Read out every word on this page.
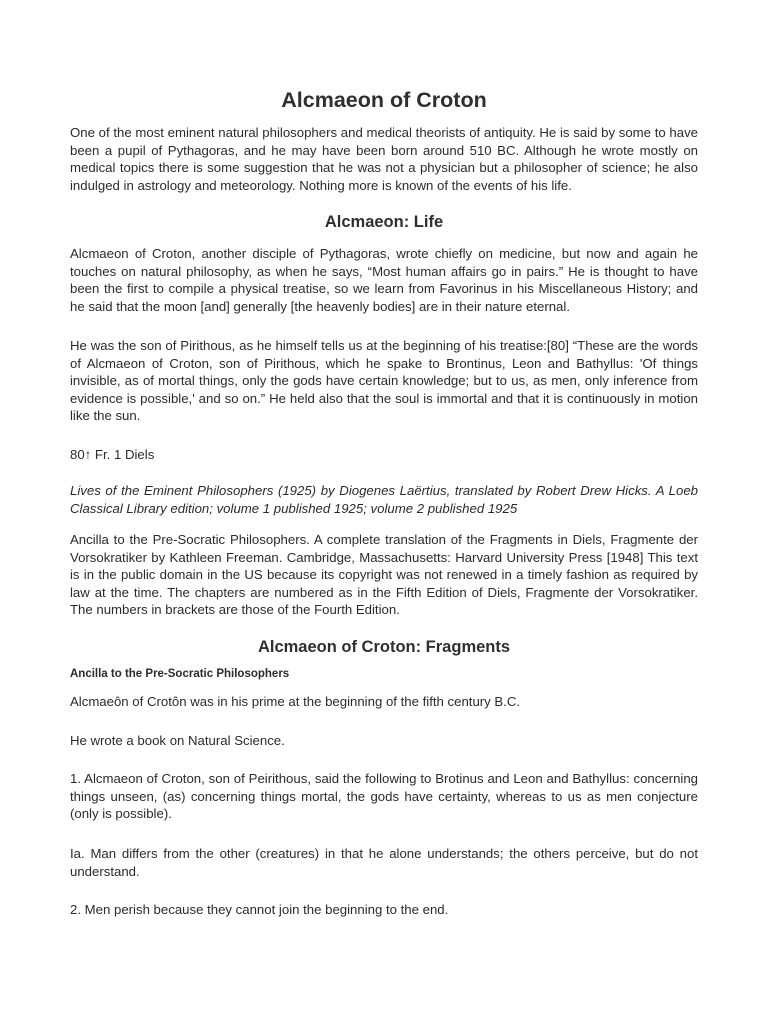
Alcmaeon of Croton

One of the most eminent natural philosophers and medical theorists of antiquity. He is said by some to have been a pupil of Pythagoras, and he may have been born around 510 BC. Although he wrote mostly on medical topics there is some suggestion that he was not a physician but a philosopher of science; he also indulged in astrology and meteorology. Nothing more is known of the events of his life.

Alcmaeon: Life

Alcmaeon of Croton, another disciple of Pythagoras, wrote chiefly on medicine, but now and again he touches on natural philosophy, as when he says, “Most human affairs go in pairs.” He is thought to have been the first to compile a physical treatise, so we learn from Favorinus in his Miscellaneous History; and he said that the moon [and] generally [the heavenly bodies] are in their nature eternal.

He was the son of Pirithous, as he himself tells us at the beginning of his treatise:[80] “These are the words of Alcmaeon of Croton, son of Pirithous, which he spake to Brontinus, Leon and Bathyllus: 'Of things invisible, as of mortal things, only the gods have certain knowledge; but to us, as men, only inference from evidence is possible,' and so on.” He held also that the soul is immortal and that it is continuously in motion like the sun.

80↑ Fr. 1 Diels

Lives of the Eminent Philosophers (1925) by Diogenes Laërtius, translated by Robert Drew Hicks. A Loeb Classical Library edition; volume 1 published 1925; volume 2 published 1925

Ancilla to the Pre-Socratic Philosophers. A complete translation of the Fragments in Diels, Fragmente der Vorsokratiker by Kathleen Freeman. Cambridge, Massachusetts: Harvard University Press [1948] This text is in the public domain in the US because its copyright was not renewed in a timely fashion as required by law at the time. The chapters are numbered as in the Fifth Edition of Diels, Fragmente der Vorsokratiker. The numbers in brackets are those of the Fourth Edition.

Alcmaeon of Croton: Fragments

Ancilla to the Pre-Socratic Philosophers

Alcmaeôn of Crotôn was in his prime at the beginning of the fifth century B.C.

He wrote a book on Natural Science.

1. Alcmaeon of Croton, son of Peirithous, said the following to Brotinus and Leon and Bathyllus: concerning things unseen, (as) concerning things mortal, the gods have certainty, whereas to us as men conjecture (only is possible).

Ia. Man differs from the other (creatures) in that he alone understands; the others perceive, but do not understand.

2. Men perish because they cannot join the beginning to the end.
